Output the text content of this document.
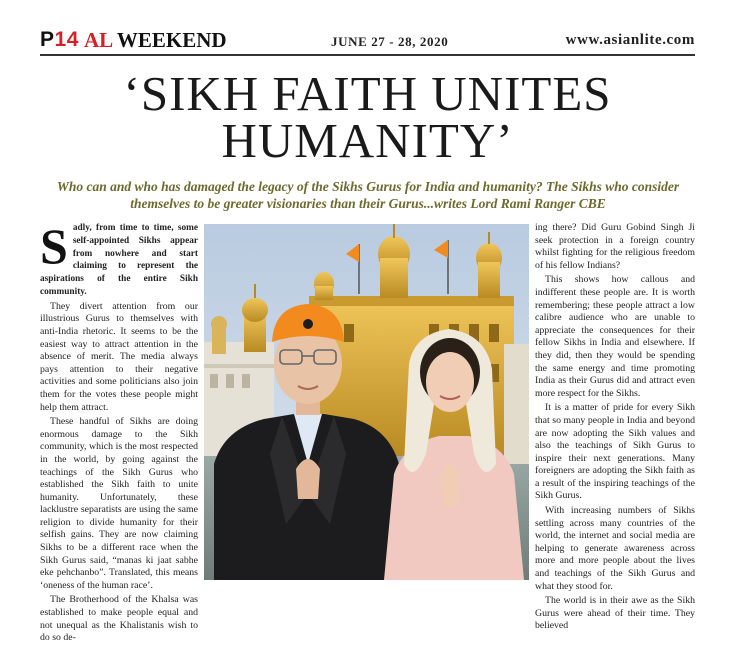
P14 AL WEEKEND	JUNE 27 - 28, 2020	www.asianlite.com
‘SIKH FAITH UNITES
HUMANITY’
Who can and who has damaged the legacy of the Sikhs Gurus for India and humanity? The Sikhs who consider themselves to be greater visionaries than their Gurus...writes Lord Rami Ranger CBE

Sadly, from time to time, some self-appointed Sikhs appear from nowhere and start claiming to represent the aspirations of the entire Sikh community.

They divert attention from our illustrious Gurus to themselves with anti-India rhetoric. It seems to be the easiest way to attract attention in the absence of merit. The media always pays attention to their negative activities and some politicians also join them for the votes these people might help them attract.

These handful of Sikhs are doing enormous damage to the Sikh community, which is the most respected in the world, by going against the teachings of the Sikh Gurus who established the Sikh faith to unite humanity. Unfortunately, these lacklustre separatists are using the same religion to divide humanity for their selfish gains. They are now claiming Sikhs to be a different race when the Sikh Gurus said, “manas ki jaat sabhe eke pehchanbo”. Translated, this means ‘oneness of the human race’.

The Brotherhood of the Khalsa was established to make people equal and not unequal as the Khalistanis wish to do so de-

ing there? Did Guru Gobind Singh Ji seek protection in a foreign country whilst fighting for the religious freedom of his fellow Indians?

This shows how callous and indifferent these people are. It is worth remembering; these people attract a low calibre audience who are unable to appreciate the consequences for their fellow Sikhs in India and elsewhere. If they did, then they would be spending the same energy and time promoting India as their Gurus did and attract even more respect for the Sikhs.

It is a matter of pride for every Sikh that so many people in India and beyond are now adopting the Sikh values and also the teachings of Sikh Gurus to inspire their next generations. Many foreigners are adopting the Sikh faith as a result of the inspiring teachings of the Sikh Gurus.

With increasing numbers of Sikhs settling across many countries of the world, the internet and social media are helping to generate awareness across more and more people about the lives and teachings of the Sikh Gurus and what they stood for.

The world is in their awe as the Sikh Gurus were ahead of their time. They believed
